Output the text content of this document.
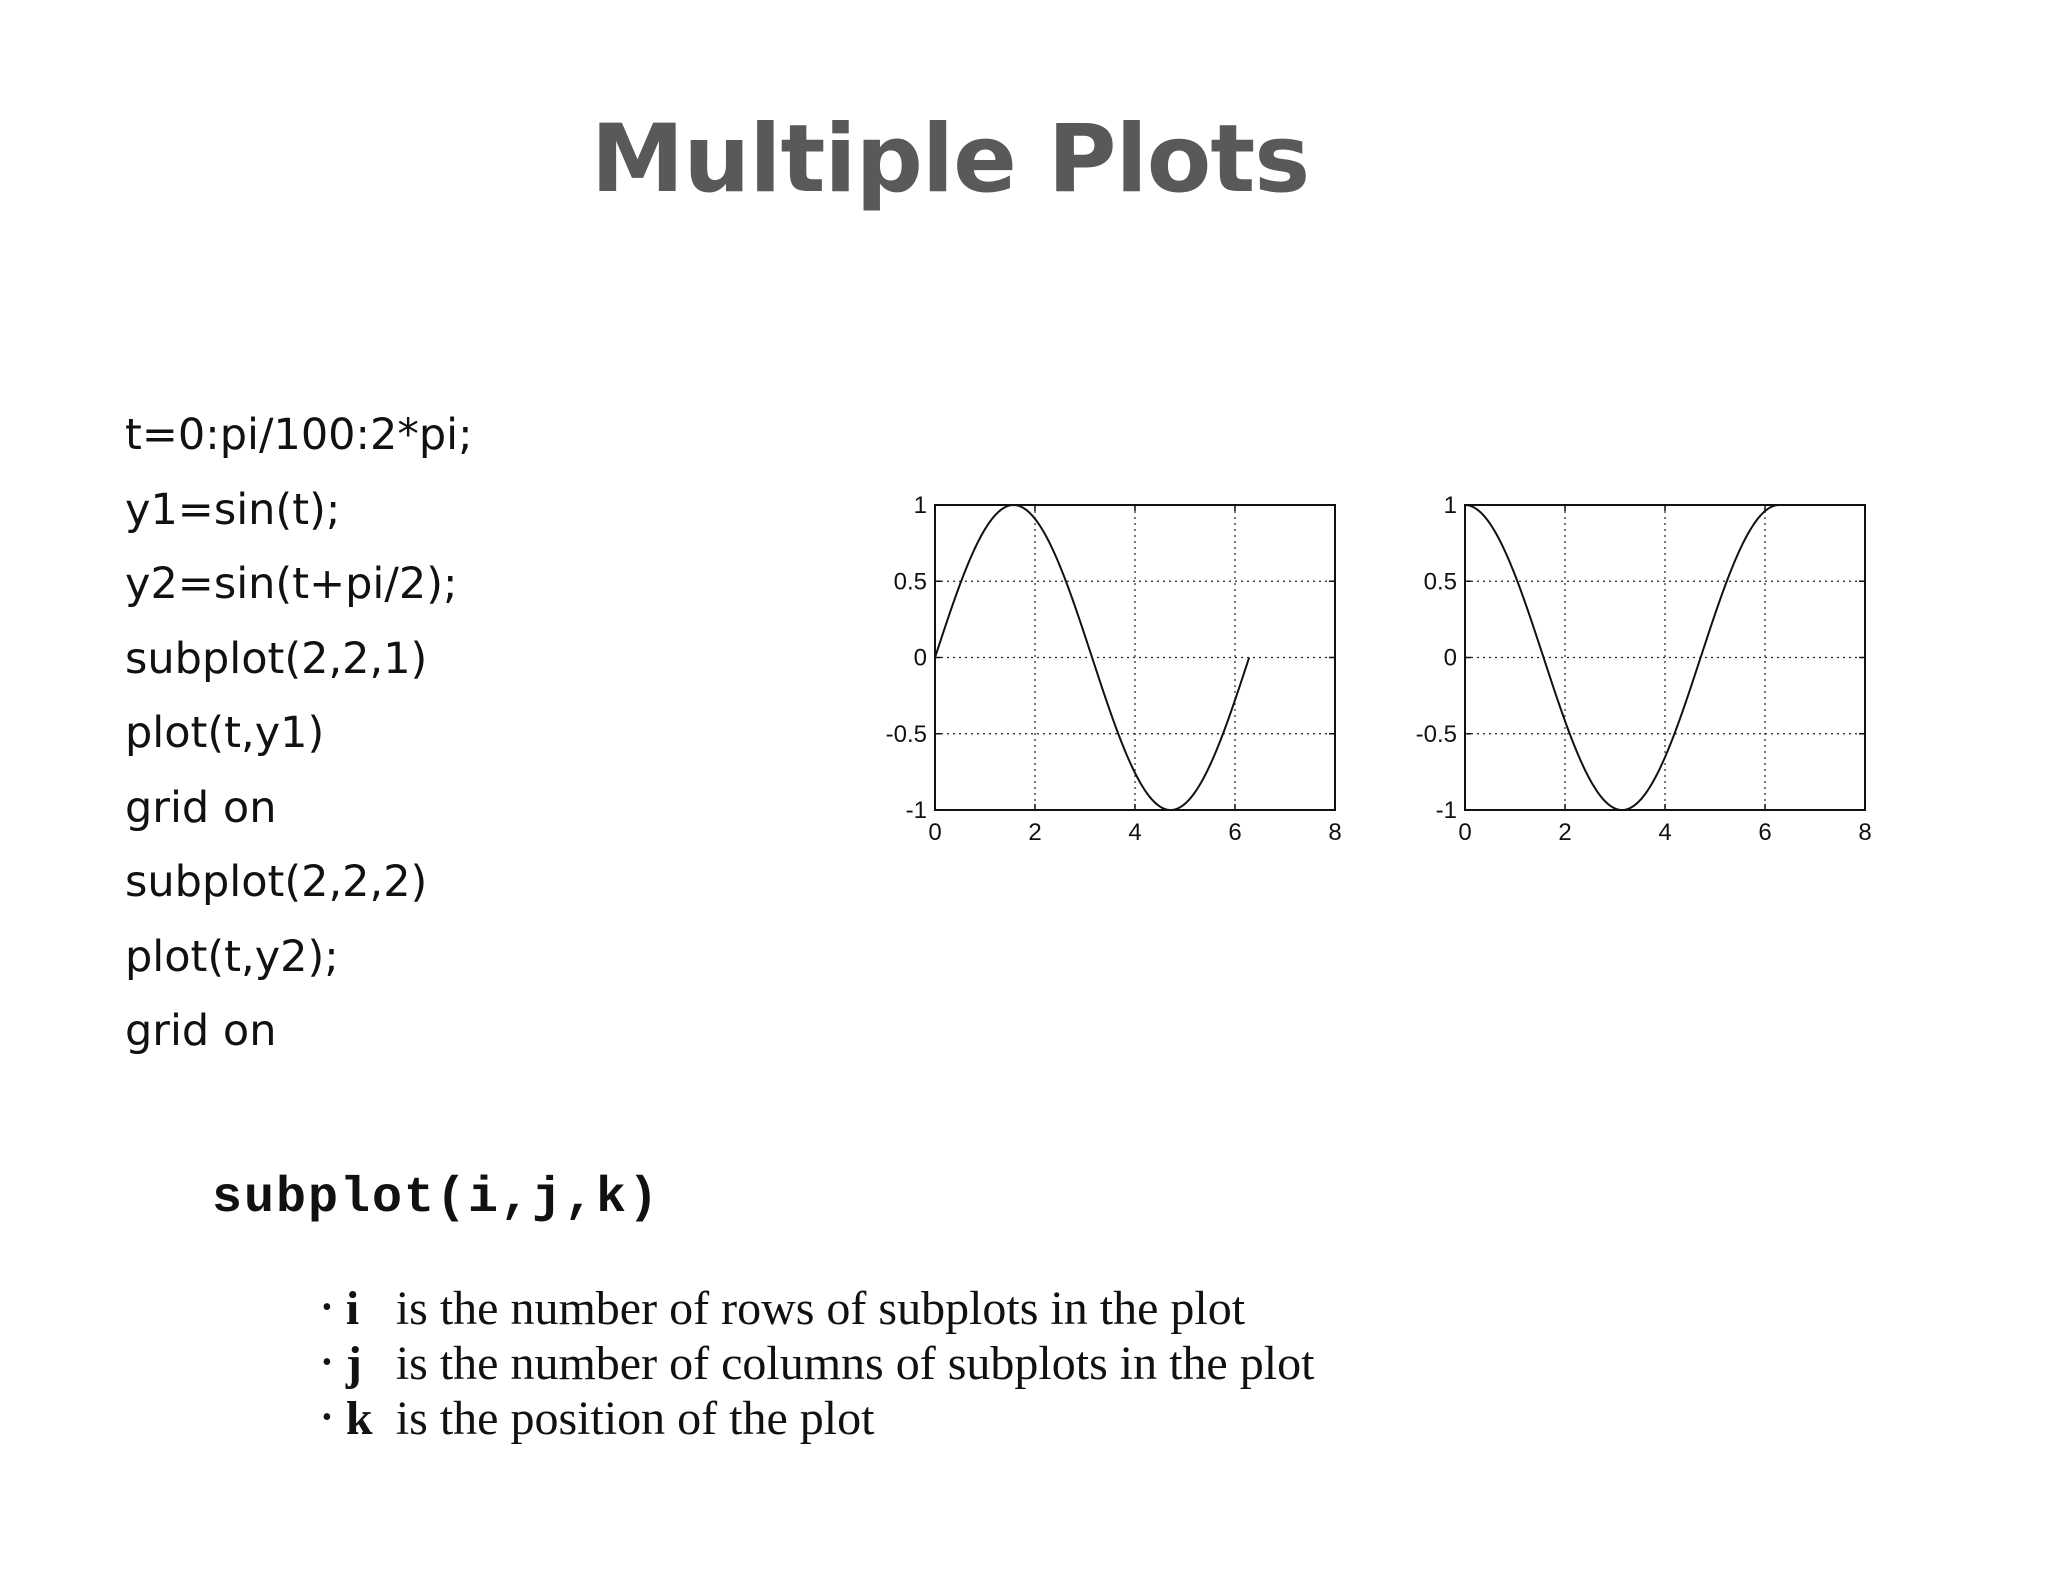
Multiple Plots
t=0:pi/100:2*pi;
y1=sin(t);
y2=sin(t+pi/2);
subplot(2,2,1)
plot(t,y1)
grid on
subplot(2,2,2)
plot(t,y2);
grid on
0	2	4	6	8
1
0.5
0
-0.5
-1
0	2	4	6	8
1
0.5
0
-0.5
-1
subplot(i,j,k)
• i is the number of rows of subplots in the plot
• j is the number of columns of subplots in the plot
• k is the position of the plot
